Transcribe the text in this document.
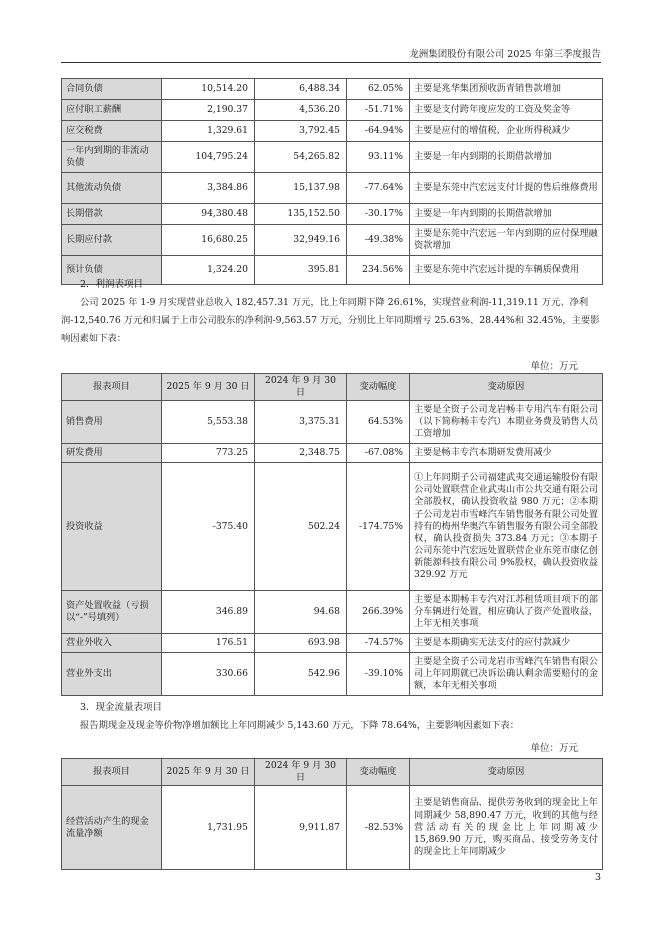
龙洲集团股份有限公司 2025 年第三季度报告
合同负债	10,514.20	6,488.34	62.05%	主要是兆华集团预收沥青销售款增加
应付职工薪酬	2,190.37	4,536.20	-51.71%	主要是支付跨年度应发的工资及奖金等
应交税费	1,329.61	3,792.45	-64.94%	主要是应付的增值税、企业所得税减少
一年内到期的非流动负债	104,795.24	54,265.82	93.11%	主要是一年内到期的长期借款增加
其他流动负债	3,384.86	15,137.98	-77.64%	主要是东莞中汽宏远支付计提的售后维修费用
长期借款	94,380.48	135,152.50	-30.17%	主要是一年内到期的长期借款增加
长期应付款	16,680.25	32,949.16	-49.38%	主要是东莞中汽宏远一年内到期的应付保理融资款增加
预计负债	1,324.20	395.81	234.56%	主要是东莞中汽宏远计提的车辆质保费用
2．利润表项目
公司 2025 年 1-9 月实现营业总收入 182,457.31 万元，比上年同期下降 26.61%，实现营业利润-11,319.11 万元、净利润-12,540.76 万元和归属于上市公司股东的净利润-9,563.57 万元，分别比上年同期增亏 25.63%、28.44%和 32.45%，主要影响因素如下表：
单位：万元
报表项目	2025 年 9 月 30 日	2024 年 9 月 30 日	变动幅度	变动原因
销售费用	5,553.38	3,375.31	64.53%	主要是全资子公司龙岩畅丰专用汽车有限公司（以下简称畅丰专汽）本期业务费及销售人员工资增加
研发费用	773.25	2,348.75	-67.08%	主要是畅丰专汽本期研发费用减少
投资收益	-375.40	502.24	-174.75%	①上年同期子公司福建武夷交通运输股份有限公司处置联营企业武夷山市公共交通有限公司全部股权，确认投资收益 980 万元；②本期子公司龙岩市雪峰汽车销售服务有限公司处置持有的梅州华奥汽车销售服务有限公司全部股权，确认投资损失 373.84 万元；③本期子公司东莞中汽宏远处置联营企业东莞市康亿创新能源科技有限公司 9%股权，确认投资收益 329.92 万元
资产处置收益（亏损以“-”号填列）	346.89	94.68	266.39%	主要是本期畅丰专汽对江苏租赁项目项下的部分车辆进行处置，相应确认了资产处置收益，上年无相关事项
营业外收入	176.51	693.98	-74.57%	主要是本期确实无法支付的应付款减少
营业外支出	330.66	542.96	-39.10%	主要是全资子公司龙岩市雪峰汽车销售有限公司上年同期就已决诉讼确认剩余需要赔付的金额，本年无相关事项
3．现金流量表项目
报告期现金及现金等价物净增加额比上年同期减少 5,143.60 万元，下降 78.64%，主要影响因素如下表：
单位：万元
报表项目	2025 年 9 月 30 日	2024 年 9 月 30 日	变动幅度	变动原因
经营活动产生的现金流量净额	1,731.95	9,911.87	-82.53%	主要是销售商品、提供劳务收到的现金比上年同期减少 58,890.47 万元，收到的其他与经营活动有关的现金比上年同期减少 15,869.90 万元，购买商品、接受劳务支付的现金比上年同期减少
3
